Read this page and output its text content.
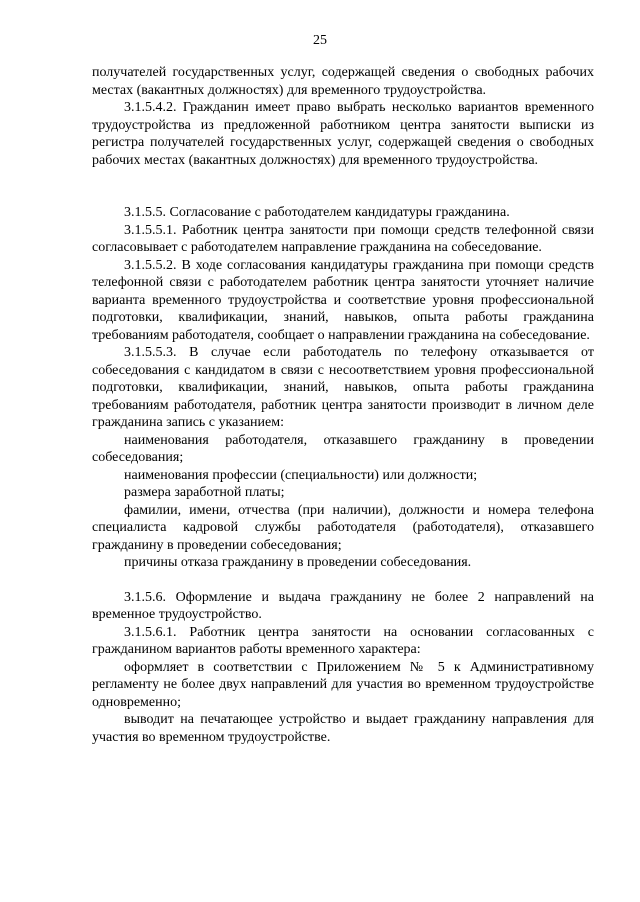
25

получателей государственных услуг, содержащей сведения о свободных рабочих местах (вакантных должностях) для временного трудоустройства.

3.1.5.4.2. Гражданин имеет право выбрать несколько вариантов временного трудоустройства из предложенной работником центра занятости выписки из регистра получателей государственных услуг, содержащей сведения о свободных рабочих местах (вакантных должностях) для временного трудоустройства.

3.1.5.5. Согласование с работодателем кандидатуры гражданина.

3.1.5.5.1. Работник центра занятости при помощи средств телефонной связи согласовывает с работодателем направление гражданина на собеседование.

3.1.5.5.2. В ходе согласования кандидатуры гражданина при помощи средств телефонной связи с работодателем работник центра занятости уточняет наличие варианта временного трудоустройства и соответствие уровня профессиональной подготовки, квалификации, знаний, навыков, опыта работы гражданина требованиям работодателя, сообщает о направлении гражданина на собеседование.

3.1.5.5.3. В случае если работодатель по телефону отказывается от собеседования с кандидатом в связи с несоответствием уровня профессиональной подготовки, квалификации, знаний, навыков, опыта работы гражданина требованиям работодателя, работник центра занятости производит в личном деле гражданина запись с указанием:

наименования работодателя, отказавшего гражданину в проведении собеседования;

наименования профессии (специальности) или должности;

размера заработной платы;

фамилии, имени, отчества (при наличии), должности и номера телефона специалиста кадровой службы работодателя (работодателя), отказавшего гражданину в проведении собеседования;

причины отказа гражданину в проведении собеседования.

3.1.5.6. Оформление и выдача гражданину не более 2 направлений на временное трудоустройство.

3.1.5.6.1. Работник центра занятости на основании согласованных с гражданином вариантов работы временного характера:

оформляет в соответствии с Приложением № 5 к Административному регламенту не более двух направлений для участия во временном трудоустройстве одновременно;

выводит на печатающее устройство и выдает гражданину направления для участия во временном трудоустройстве.
